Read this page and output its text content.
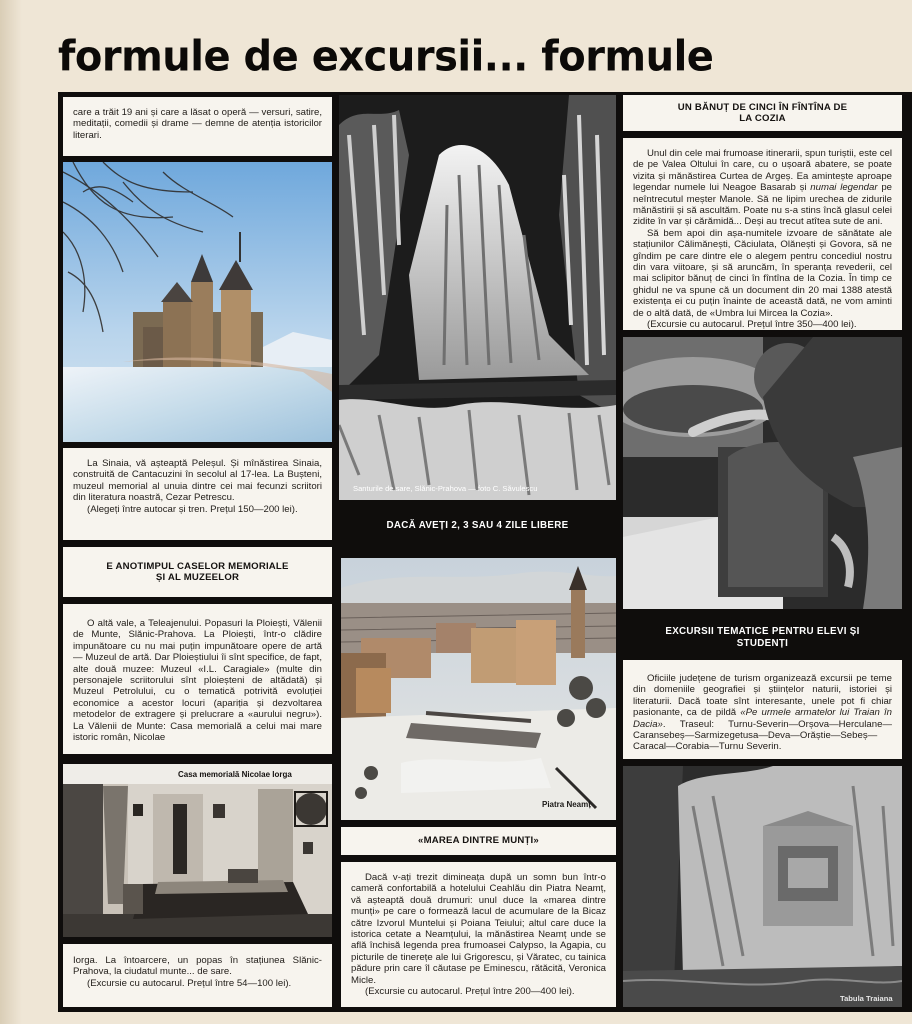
formule de excursii... formule

care a trăit 19 ani și care a lăsat o operă — versuri, satire, meditații, comedii și drame — demne de atenția istoricilor literari.

La Sinaia, vă așteaptă Peleșul. Și mînăstirea Sinaia, construită de Cantacuzini în secolul al 17-lea. La Bușteni, muzeul memorial al unuia dintre cei mai fecunzi scriitori din literatura noastră, Cezar Petrescu.

(Alegeți între autocar și tren. Prețul 150—200 lei).

E ANOTIMPUL CASELOR MEMORIALE ȘI AL MUZEELOR

O altă vale, a Teleajenului. Popasuri la Ploiești, Vălenii de Munte, Slănic-Prahova. La Ploiești, într-o clădire impunătoare cu nu mai puțin impunătoare opere de artă — Muzeul de artă. Dar Ploieștiului îi sînt specifice, de fapt, alte două muzee: Muzeul «I.L. Caragiale» (multe din personajele scriitorului sînt ploieșteni de altădată) și Muzeul Petrolului, cu o tematică potrivită evoluției economice a acestor locuri (apariția și dezvoltarea metodelor de extragere și prelucrare a «aurului negru»). La Vălenii de Munte: Casa memorială a celui mai mare istoric român, Nicolae

Casa memorială Nicolae Iorga

Iorga. La întoarcere, un popas în stațiunea Slănic-Prahova, la ciudatul munte... de sare.

(Excursie cu autocarul. Prețul între 54—100 lei).

Santurile de sare, Slănic-Prahova — foto C. Săvulescu
DACĂ AVEȚI 2, 3 SAU 4 ZILE LIBERE
Piatra Neamț
«MAREA DINTRE MUNȚI»

Dacă v-ați trezit dimineața după un somn bun într-o cameră confortabilă a hotelului Ceahlău din Piatra Neamț, vă așteaptă două drumuri: unul duce la «marea dintre munți» pe care o formează lacul de acumulare de la Bicaz către Izvorul Muntelui și Poiana Teiului; altul care duce la istorica cetate a Neamțului, la mănăstirea Neamț unde se află închisă legenda prea frumoasei Calypso, la Agapia, cu picturile de tinerețe ale lui Grigorescu, și Văratec, cu tainica pădure prin care îl căutase pe Eminescu, rătăcită, Veronica Micle.

(Excursie cu autocarul. Prețul între 200—400 lei).

UN BĂNUȚ DE CINCI ÎN FÎNTÎNA DE LA COZIA

Unul din cele mai frumoase itinerarii, spun turiștii, este cel de pe Valea Oltului în care, cu o ușoară abatere, se poate vizita și mănăstirea Curtea de Argeș. Ea amintește aproape legendar numele lui Neagoe Basarab și numai legendar pe neîntrecutul meșter Manole. Să ne lipim urechea de zidurile mănăstirii și să ascultăm. Poate nu s-a stins încă glasul celei zidite în var și cărămidă... Deși au trecut atîtea sute de ani.

Să bem apoi din așa-numitele izvoare de sănătate ale stațiunilor Călimănești, Căciulata, Olănești și Govora, să ne gîndim pe care dintre ele o alegem pentru concediul nostru din vara viitoare, și să aruncăm, în speranța revederii, cel mai sclipitor bănuț de cinci în fîntîna de la Cozia. În timp ce ghidul ne va spune că un document din 20 mai 1388 atestă existența ei cu puțin înainte de această dată, ne vom aminti de o altă dată, de «Umbra lui Mircea la Cozia».

(Excursie cu autocarul. Prețul între 350—400 lei).

EXCURSII TEMATICE PENTRU ELEVI ȘI STUDENȚI

Oficiile județene de turism organizează excursii pe teme din domeniile geografiei și științelor naturii, istoriei și literaturii. Dacă toate sînt interesante, unele pot fi chiar pasionante, ca de pildă «Pe urmele armatelor lui Traian în Dacia». Traseul: Turnu-Severin—Orșova—Herculane—Caransebeș—Sarmizegetusa—Deva—Orăștie—Sebeș—Caracal—Corabia—Turnu Severin.

Tabula Traiana
